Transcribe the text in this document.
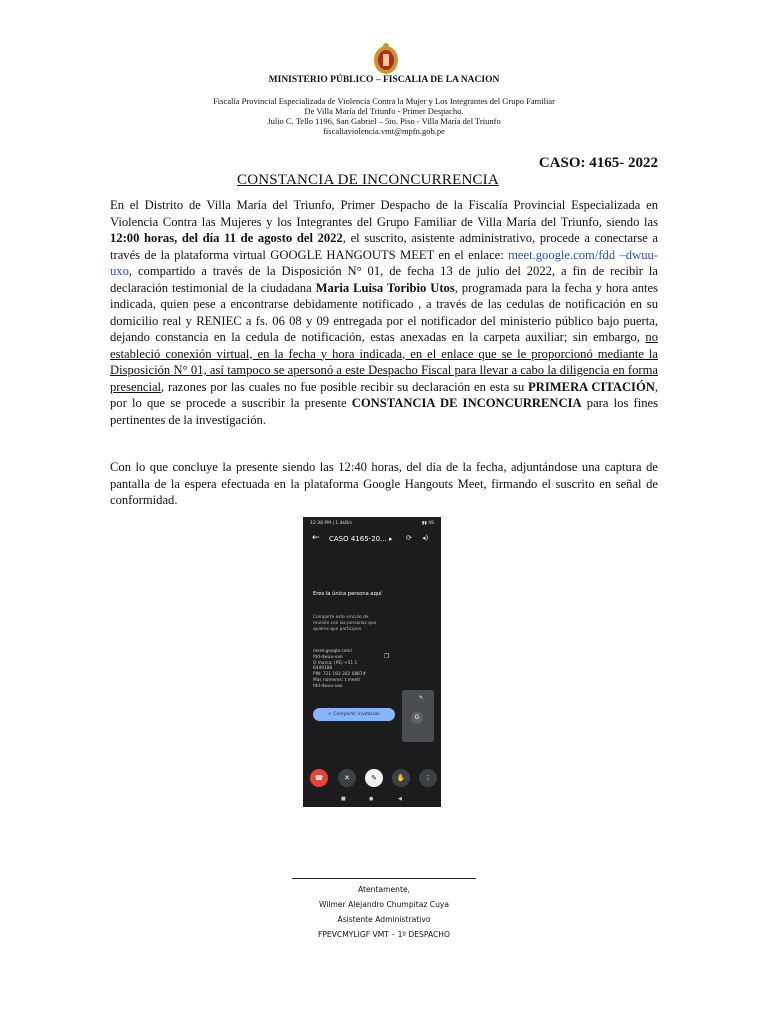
MINISTERIO PÚBLICO – FISCALIA DE LA NACION
Fiscalía Provincial Especializada de Violencia Contra la Mujer y Los Integrantes del Grupo Familiar
De Villa María del Triunfo - Primer Despacho.
Julio C. Tello 1196, San Gabriel – 5to. Piso - Villa María del Triunfo
fiscaliaviolencia.vmt@mpfn.gob.pe
CASO: 4165- 2022
CONSTANCIA DE INCONCURRENCIA
En el Distrito de Villa María del Triunfo, Primer Despacho de la Fiscalía Provincial Especializada en Violencia Contra las Mujeres y los Integrantes del Grupo Familiar de Villa María del Triunfo, siendo las 12:00 horas, del día 11 de agosto del 2022, el suscrito, asistente administrativo, procede a conectarse a través de la plataforma virtual GOOGLE HANGOUTS MEET en el enlace: meet.google.com/fdd –dwuu-uxo, compartido a través de la Disposición N° 01, de fecha 13 de julio del 2022, a fin de recibir la declaración testimonial de la ciudadana Maria Luisa Toribio Utos, programada para la fecha y hora antes indicada, quien pese a encontrarse debidamente notificado , a través de las cedulas de notificación en su domicilio real y RENIEC a fs. 06 08 y 09 entregada por el notificador del ministerio público bajo puerta, dejando constancia en la cedula de notificación, estas anexadas en la carpeta auxiliar; sin embargo, no estableció conexión virtual, en la fecha y hora indicada, en el enlace que se le proporcionó mediante la Disposición N° 01, así tampoco se apersonó a este Despacho Fiscal para llevar a cabo la diligencia en forma presencial, razones por las cuales no fue posible recibir su declaración en esta su PRIMERA CITACIÓN, por lo que se procede a suscribir la presente CONSTANCIA DE INCONCURRENCIA para los fines pertinentes de la investigación.
Con lo que concluye la presente siendo las 12:40 horas, del día de la fecha, adjuntándose una captura de pantalla de la espera efectuada en la plataforma Google Hangouts Meet, firmando el suscrito en señal de conformidad.
12:38 PM | 1.4kB/s	▮▮ 49
← CASO 4165-20... ▸ ⟳ ◂)
Eres la única persona aquí
Comparte este vínculo de reunión con las personas que quieres que participen
meet.google.com/
fdd-dwuu-uxo
O marca: (PE) +51 1
6449188
PIN: 721 193 302 0887#
Más números: t.meet/
fdd-dwuu-uxo
❐
< Compartir invitación
✎
G
☎	✕	✎	✋	⋮
■	●	◀
Atentamente,
Wilmer Alejandro Chumpitaz Cuya
Asistente Administrativo
FPEVCMYLIGF VMT – 1º DESPACHO
